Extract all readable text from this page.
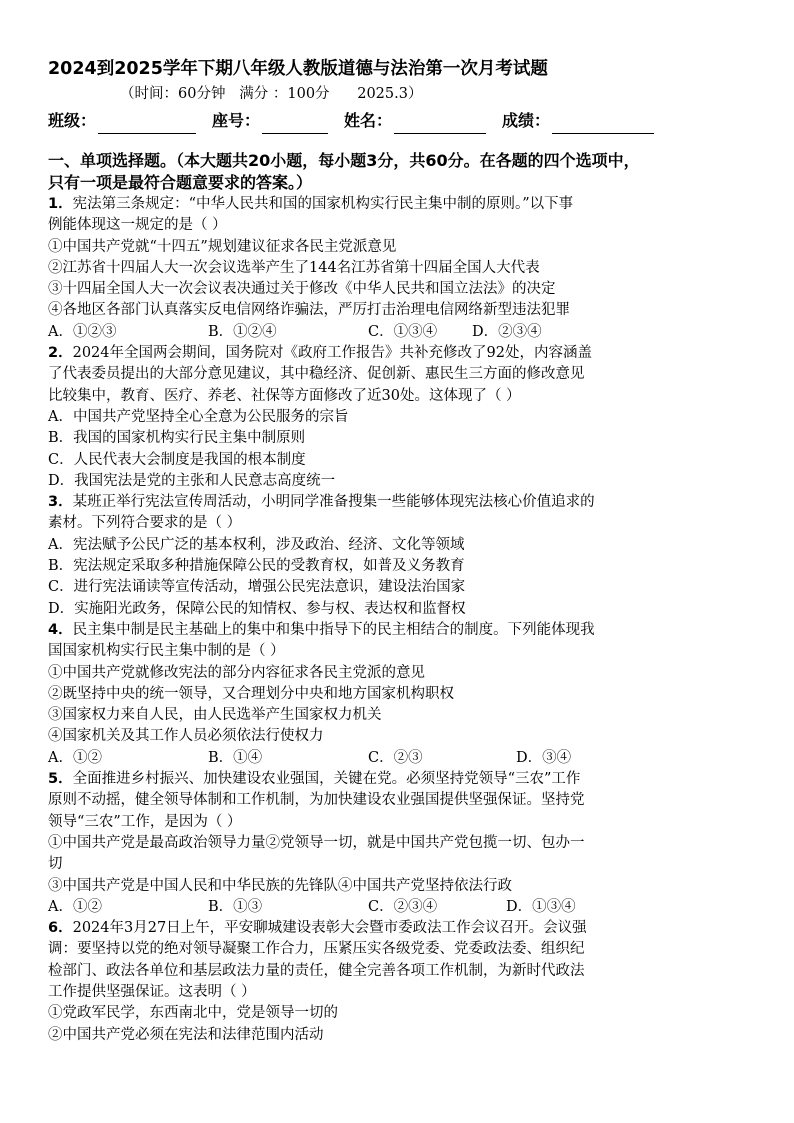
2024到2025学年下期八年级人教版道德与法治第一次月考试题
（时间：60分钟   满分 ：100分      2025.3）
班级：	座号：	姓名：	成绩：
一、单项选择题。（本大题共20小题，每小题3分，共60分。在各题的四个选项中，
只有一项是最符合题意要求的答案。）
1．宪法第三条规定：“中华人民共和国的国家机构实行民主集中制的原则。”以下事
例能体现这一规定的是（ ）
①中国共产党就“十四五”规划建议征求各民主党派意见
②江苏省十四届人大一次会议选举产生了144名江苏省第十四届全国人大代表
③十四届全国人大一次会议表决通过关于修改《中华人民共和国立法法》的决定
④各地区各部门认真落实反电信网络诈骗法，严厉打击治理电信网络新型违法犯罪
A．①②③	B．①②④	C．①③④	D．②③④
2．2024年全国两会期间，国务院对《政府工作报告》共补充修改了92处，内容涵盖
了代表委员提出的大部分意见建议，其中稳经济、促创新、惠民生三方面的修改意见
比较集中，教育、医疗、养老、社保等方面修改了近30处。这体现了（ ）
A．中国共产党坚持全心全意为公民服务的宗旨
B．我国的国家机构实行民主集中制原则
C．人民代表大会制度是我国的根本制度
D．我国宪法是党的主张和人民意志高度统一
3．某班正举行宪法宣传周活动，小明同学准备搜集一些能够体现宪法核心价值追求的
素材。下列符合要求的是（ ）
A．宪法赋予公民广泛的基本权利，涉及政治、经济、文化等领域
B．宪法规定采取多种措施保障公民的受教育权，如普及义务教育
C．进行宪法诵读等宣传活动，增强公民宪法意识，建设法治国家
D．实施阳光政务，保障公民的知情权、参与权、表达权和监督权
4．民主集中制是民主基础上的集中和集中指导下的民主相结合的制度。下列能体现我
国国家机构实行民主集中制的是（ ）
①中国共产党就修改宪法的部分内容征求各民主党派的意见
②既坚持中央的统一领导，又合理划分中央和地方国家机构职权
③国家权力来自人民，由人民选举产生国家权力机关
④国家机关及其工作人员必须依法行使权力
A．①②	B．①④	C．②③	D．③④
5．全面推进乡村振兴、加快建设农业强国，关键在党。必须坚持党领导“三农”工作
原则不动摇，健全领导体制和工作机制，为加快建设农业强国提供坚强保证。坚持党
领导“三农”工作，是因为（ ）
①中国共产党是最高政治领导力量②党领导一切，就是中国共产党包揽一切、包办一
切
③中国共产党是中国人民和中华民族的先锋队④中国共产党坚持依法行政
A．①②	B．①③	C．②③④	D．①③④
6．2024年3月27日上午，平安聊城建设表彰大会暨市委政法工作会议召开。会议强
调：要坚持以党的绝对领导凝聚工作合力，压紧压实各级党委、党委政法委、组织纪
检部门、政法各单位和基层政法力量的责任，健全完善各项工作机制，为新时代政法
工作提供坚强保证。这表明（ ）
①党政军民学，东西南北中，党是领导一切的
②中国共产党必须在宪法和法律范围内活动
